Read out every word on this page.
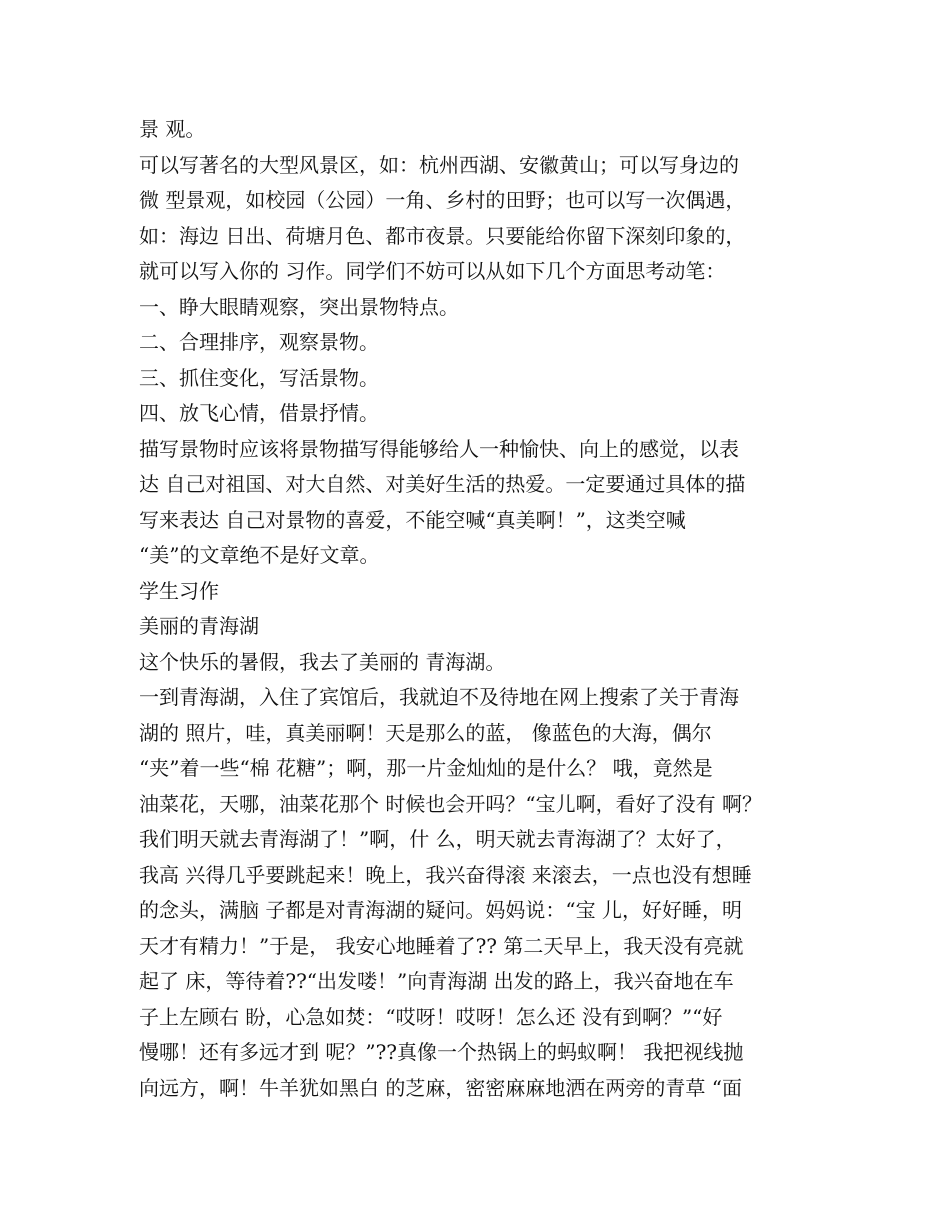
景 观。
可以写著名的大型风景区，如：杭州西湖、安徽黄山；可以写身边的
微 型景观，如校园（公园）一角、乡村的田野；也可以写一次偶遇，
如：海边 日出、荷塘月色、都市夜景。只要能给你留下深刻印象的，
就可以写入你的 习作。同学们不妨可以从如下几个方面思考动笔：
一、睁大眼睛观察，突出景物特点。
二、合理排序，观察景物。
三、抓住变化，写活景物。
四、放飞心情，借景抒情。
描写景物时应该将景物描写得能够给人一种愉快、向上的感觉，以表
达 自己对祖国、对大自然、对美好生活的热爱。一定要通过具体的描
写来表达 自己对景物的喜爱，不能空喊“真美啊！”，这类空喊
“美”的文章绝不是好文章。
学生习作
美丽的青海湖
这个快乐的暑假，我去了美丽的 青海湖。
一到青海湖，入住了宾馆后，我就迫不及待地在网上搜索了关于青海
湖的 照片，哇，真美丽啊！天是那么的蓝， 像蓝色的大海，偶尔
“夹”着一些“棉 花糖”；啊，那一片金灿灿的是什么？ 哦，竟然是
油菜花，天哪，油菜花那个 时候也会开吗？“宝儿啊，看好了没有 啊？
我们明天就去青海湖了！”啊，什 么，明天就去青海湖了？太好了，
我高 兴得几乎要跳起来！晚上，我兴奋得滚 来滚去，一点也没有想睡
的念头，满脑 子都是对青海湖的疑问。妈妈说：“宝 儿，好好睡，明
天才有精力！”于是， 我安心地睡着了?? 第二天早上，我天没有亮就
起了 床，等待着??“出发喽！”向青海湖 出发的路上，我兴奋地在车
子上左顾右 盼，心急如焚：“哎呀！哎呀！怎么还 没有到啊？”“好
慢哪！还有多远才到 呢？”??真像一个热锅上的蚂蚁啊！ 我把视线抛
向远方，啊！牛羊犹如黑白 的芝麻，密密麻麻地洒在两旁的青草 “面
